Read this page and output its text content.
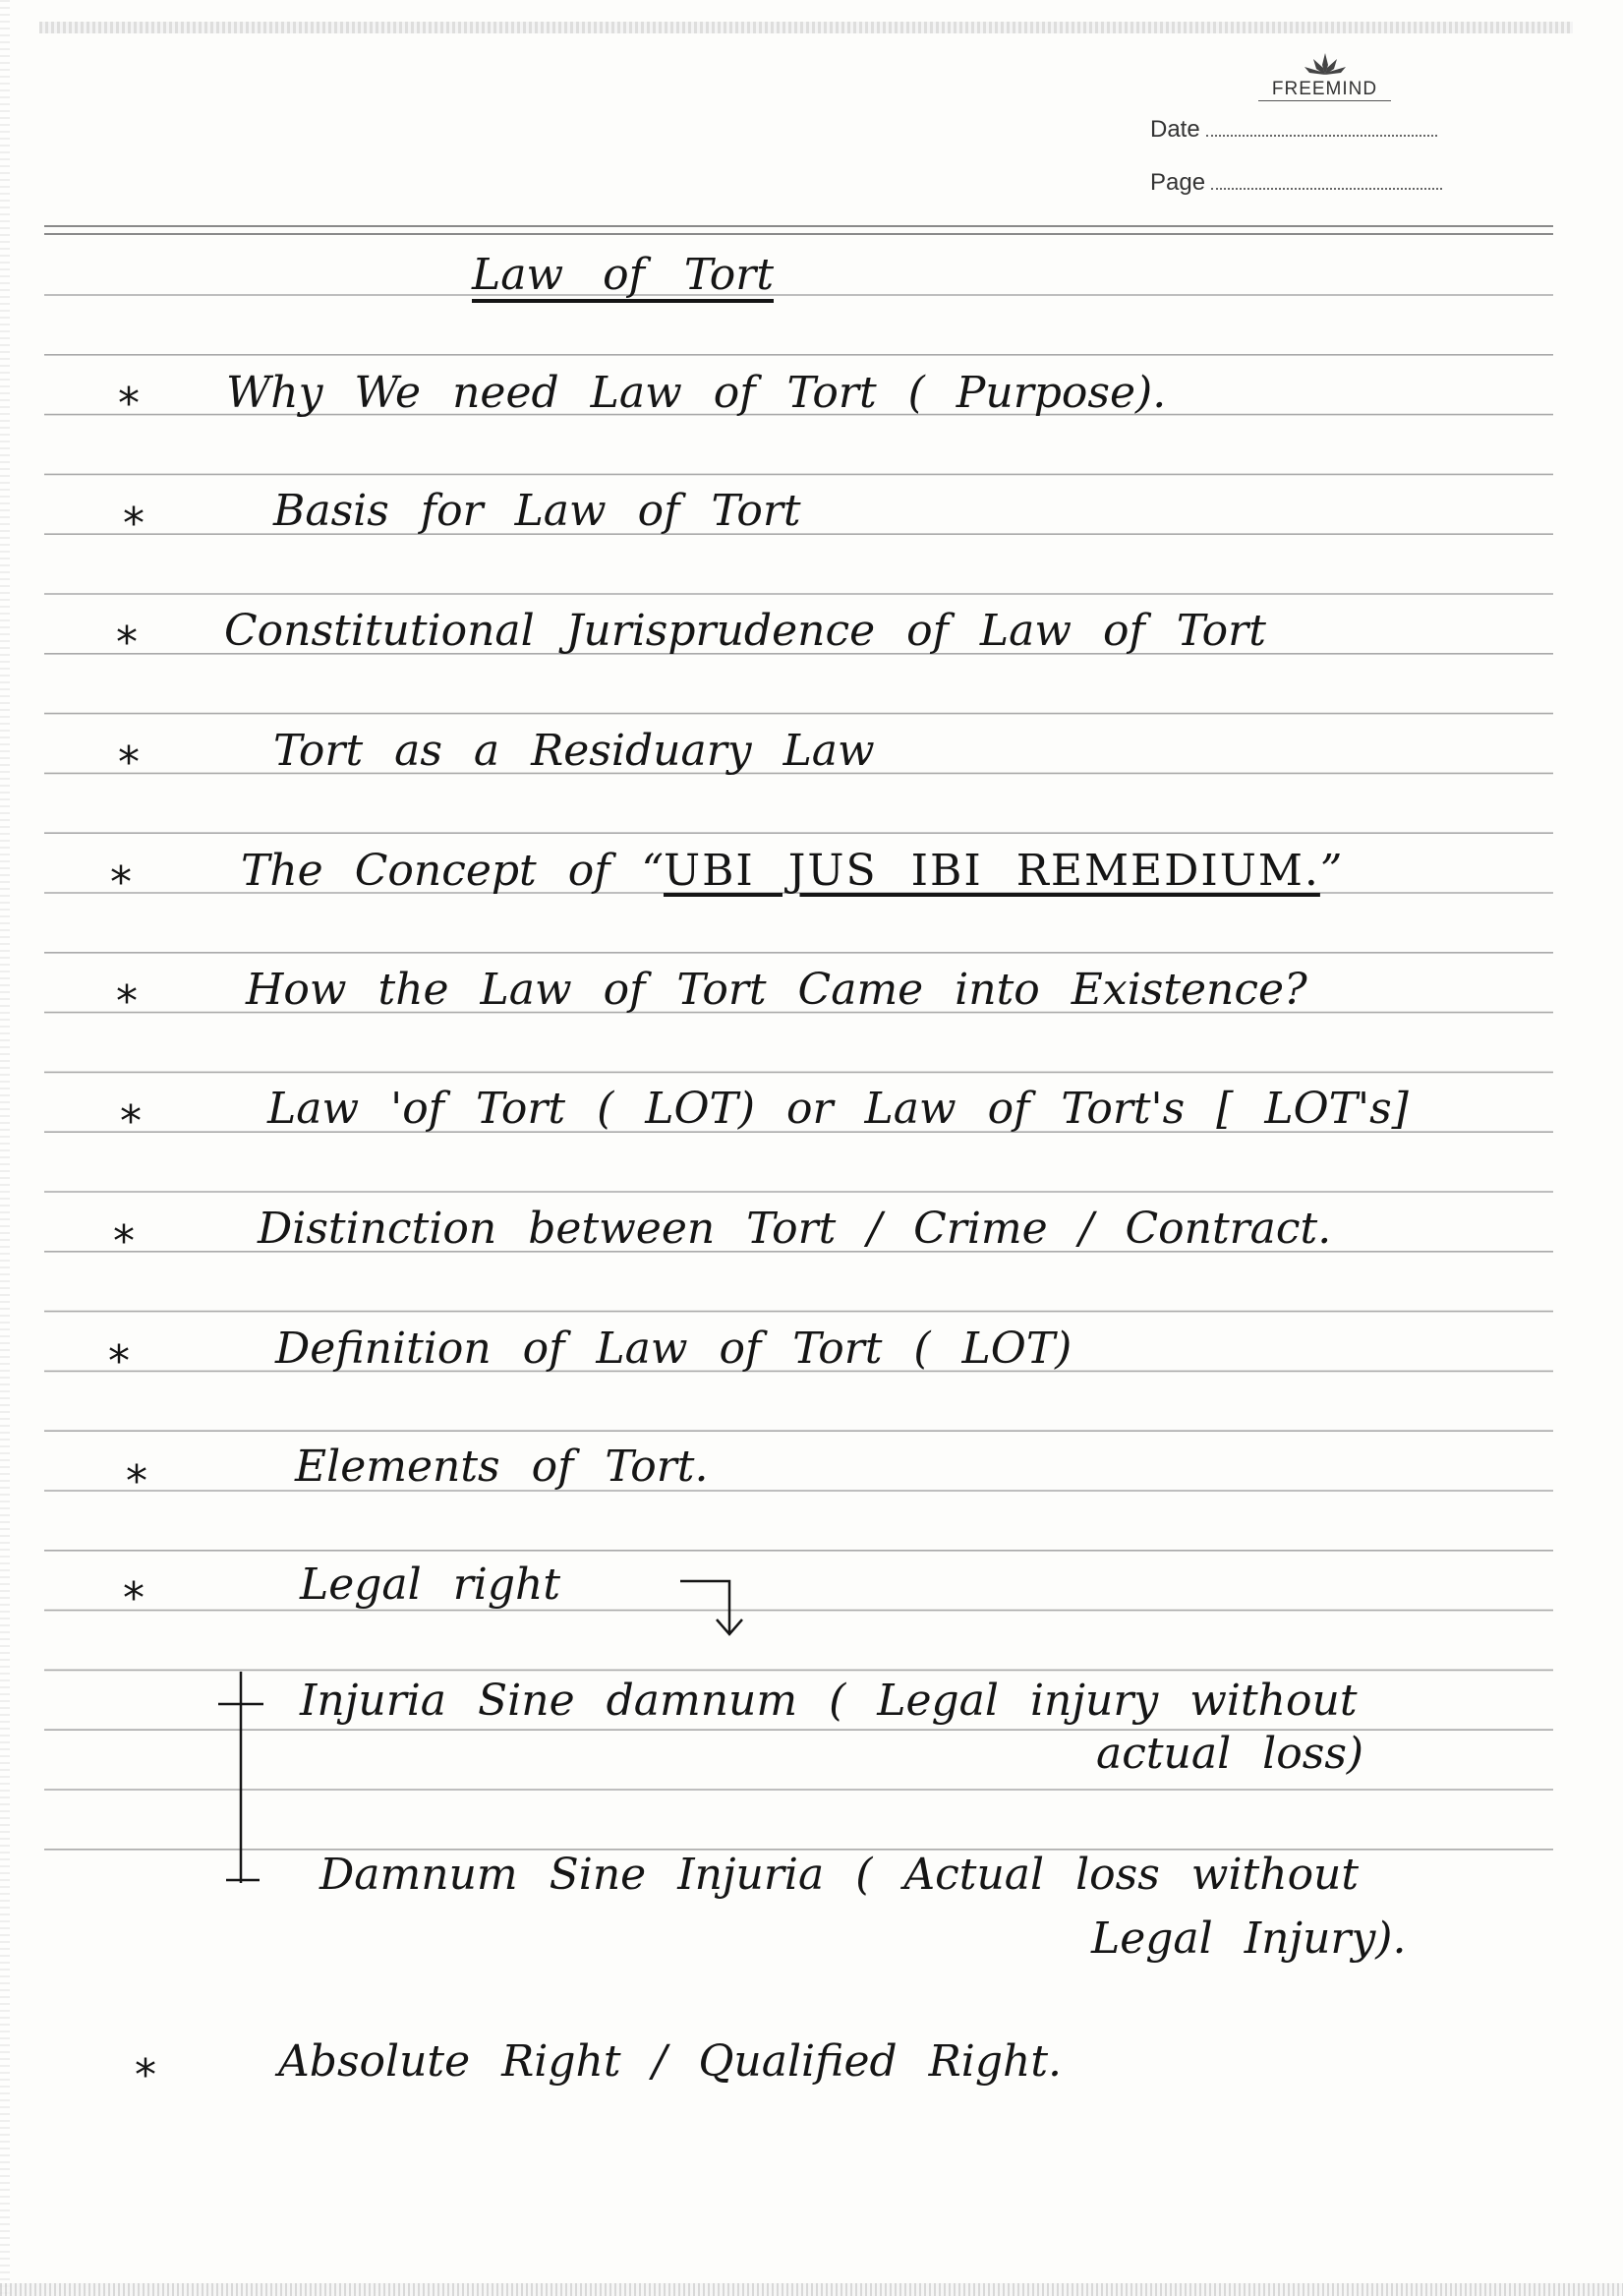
FREEMIND
Date
Page
Law of Tort
* Why We need Law of Tort ( Purpose).
*	Basis for Law of Tort
* Constitutional Jurisprudence of Law of Tort
*	Tort as a Residuary Law
*	The Concept of “UBI JUS IBI REMEDIUM.”
*	How the Law of Tort Came into Existence?
*	Law 'of Tort ( LOT) or Law of Tort's [ LOT's]
*	Distinction between Tort / Crime / Contract.
*	Definition of Law of Tort ( LOT)
*	Elements of Tort.
*	Legal right
Injuria Sine damnum ( Legal injury without
actual loss)
Damnum Sine Injuria ( Actual loss without
Legal Injury).
*	Absolute Right / Qualified Right.
